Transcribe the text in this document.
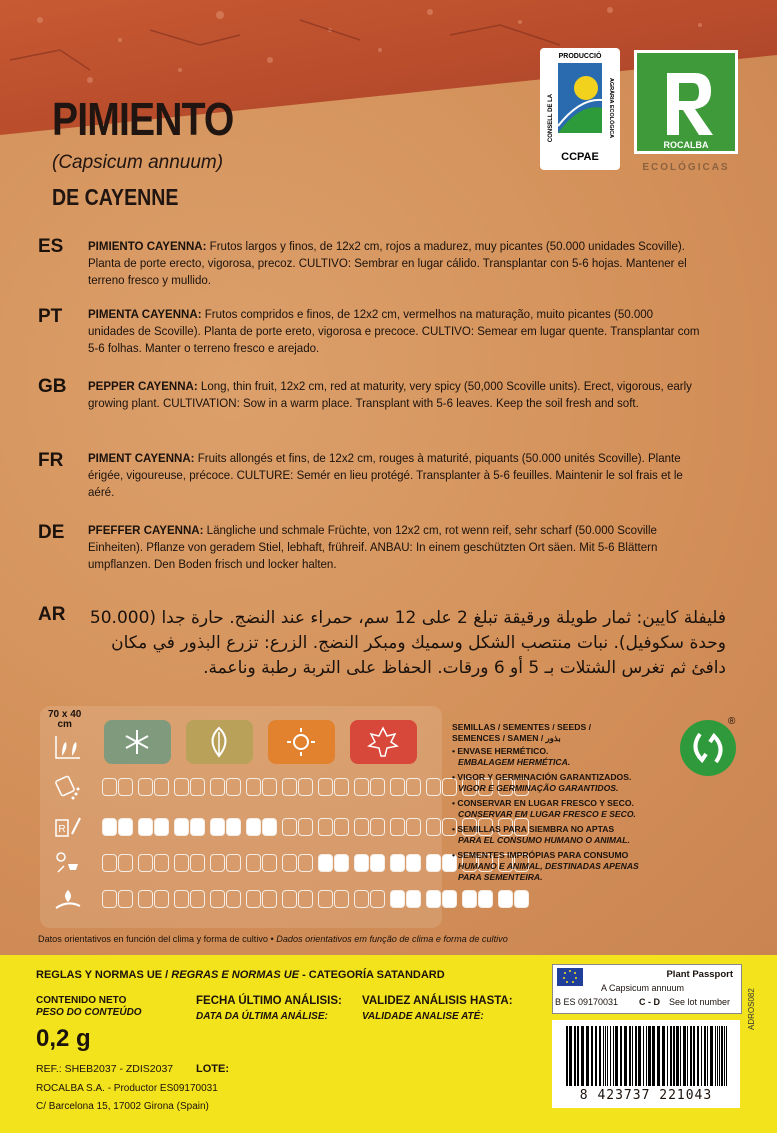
PIMIENTO
(Capsicum annuum)
DE CAYENNE
PRODUCCIÓ
CONSELL DE LA	AGRÀRIA ECOLÒGICA
CCPAE
ROCALBA
ECOLÓGICAS
ES PIMIENTO CAYENNA: Frutos largos y finos, de 12x2 cm, rojos a madurez, muy picantes (50.000 unidades Scoville). Planta de porte erecto, vigorosa, precoz. CULTIVO: Sembrar en lugar cálido. Transplantar con 5-6 hojas. Mantener el terreno fresco y mullido.
PT PIMENTA CAYENNA: Frutos compridos e finos, de 12x2 cm, vermelhos na maturação, muito picantes (50.000 unidades de Scoville). Planta de porte ereto, vigorosa e precoce. CULTIVO: Semear em lugar quente. Transplantar com 5-6 folhas. Manter o terreno fresco e arejado.
GB PEPPER CAYENNA: Long, thin fruit, 12x2 cm, red at maturity, very spicy (50,000 Scoville units). Erect, vigorous, early growing plant. CULTIVATION: Sow in a warm place. Transplant with 5-6 leaves. Keep the soil fresh and soft.
FR PIMENT CAYENNA: Fruits allongés et fins, de 12x2 cm, rouges à maturité, piquants (50.000 unités Scoville). Plante érigée, vigoureuse, précoce. CULTURE: Semér en lieu protégé. Transplanter à 5-6 feuilles. Maintenir le sol frais et le aéré.
DE PFEFFER CAYENNA: Längliche und schmale Früchte, von 12x2 cm, rot wenn reif, sehr scharf (50.000 Scoville Einheiten). Pflanze von geradem Stiel, lebhaft, frühreif. ANBAU: In einem geschützten Ort säen. Mit 5-6 Blättern umpflanzen. Den Boden frisch und locker halten.
AR فليفلة كايين: ثمار طويلة ورقيقة تبلغ 2 على 12 سم، حمراء عند النضج. حارة جدا (50.000 وحدة سكوفيل). نبات منتصب الشكل وسميك ومبكر النضج. الزرع: تزرع البذور في مكان دافئ ثم تغرس الشتلات بـ 5 أو 6 ورقات. الحفاظ على التربة رطبة وناعمة.
70 x 40
cm
R
SEMILLAS / SEMENTES / SEEDS /
SEMENCES / SAMEN / بذور
• ENVASE HERMÉTICO.
EMBALAGEM HERMÉTICA.
• VIGOR Y GERMINACIÓN GARANTIZADOS.
VIGOR E GERMINAÇÃO GARANTIDOS.
• CONSERVAR EN LUGAR FRESCO Y SECO.
CONSERVAR EM LUGAR FRESCO E SECO.
• SEMILLAS PARA SIEMBRA NO APTAS
PARA EL CONSUMO HUMANO O ANIMAL.
• SEMENTES IMPRÓPIAS PARA CONSUMO
HUMANO E ANIMAL, DESTINADAS APENAS PARA SEMENTEIRA.
®
Datos orientativos en función del clima y forma de cultivo • Dados orientativos em função de clima e forma de cultivo
REGLAS Y NORMAS UE / REGRAS E NORMAS UE - CATEGORÍA SATANDARD
CONTENIDO NETO
PESO DO CONTEÚDO
0,2 g
FECHA ÚLTIMO ANÁLISIS:
DATA DA ÚLTIMA ANÁLISE:
VALIDEZ ANÁLISIS HASTA:
VALIDADE ANALISE ATÉ:
REF.: SHEB2037 - ZDIS2037 LOTE:
ROCALBA S.A. - Productor ES09170031
C/ Barcelona 15, 17002 Girona (Spain)
Plant Passport
A Capsicum annuum
B ES 09170031 C - D See lot number
8 423737 221043
ADROS082
